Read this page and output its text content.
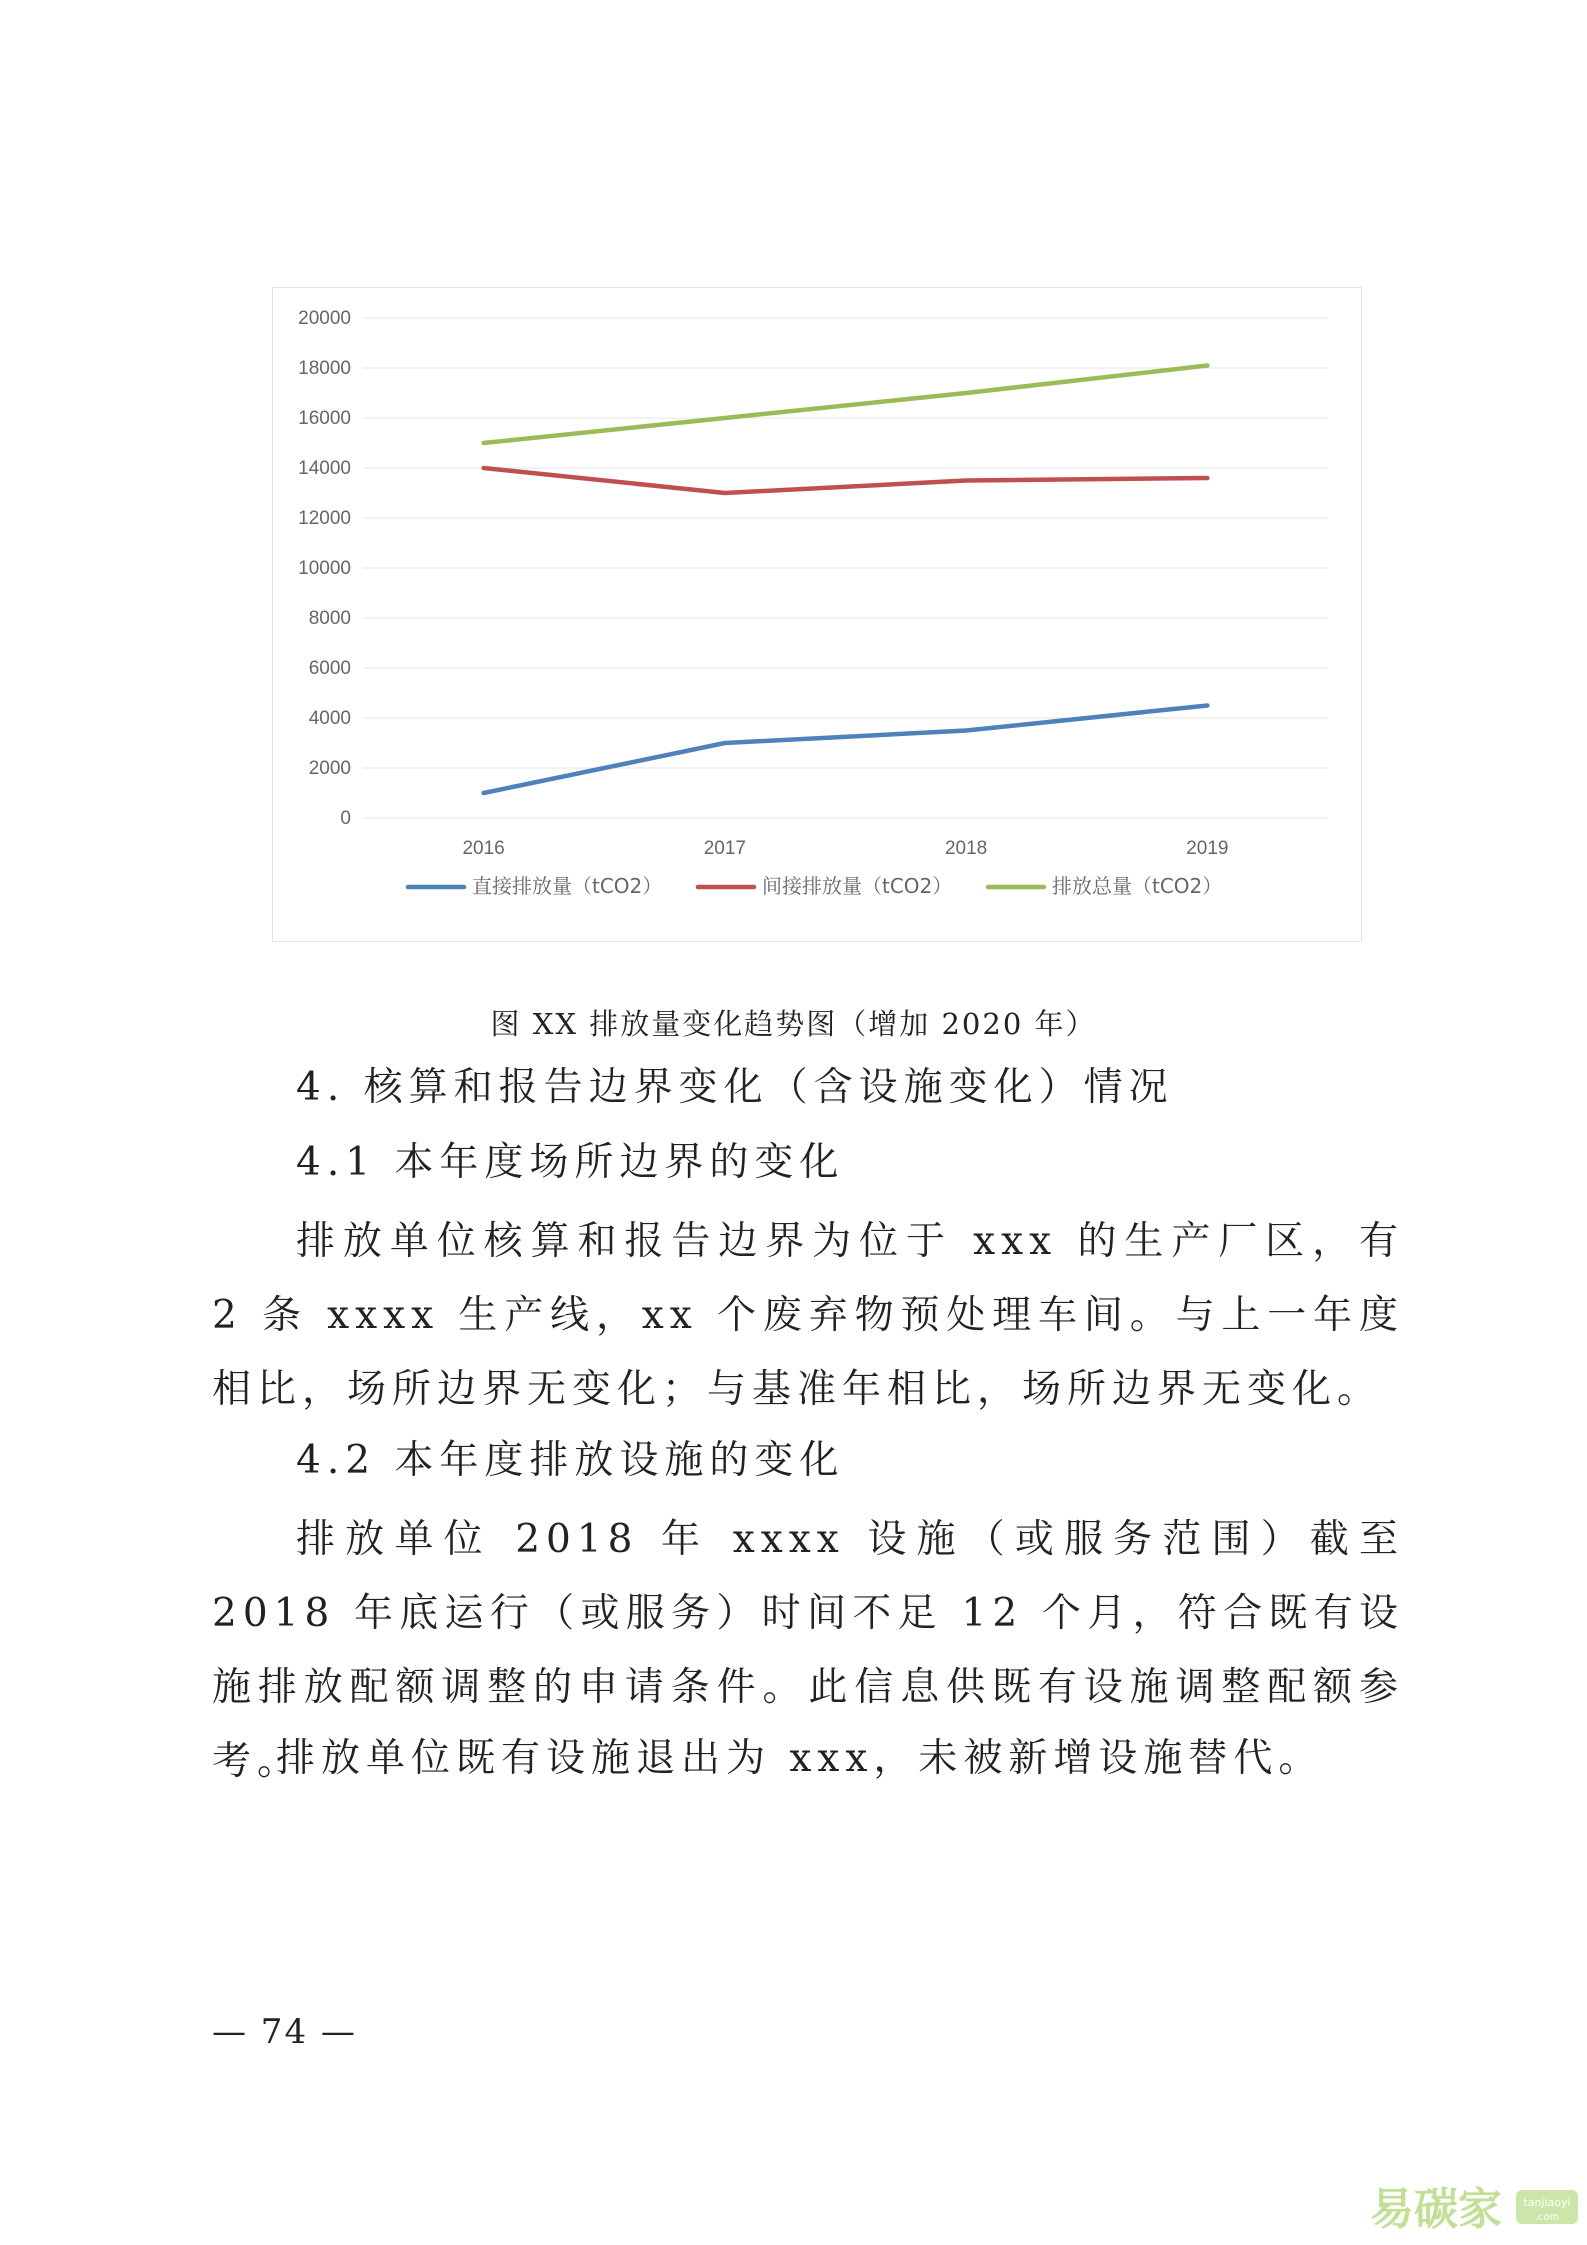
0
2000
4000
6000
8000
10000
12000
14000
16000
18000
20000
2016	2017	2018	2019
直接排放量（tCO2）	间接排放量（tCO2）	排放总量（tCO2）
图 XX 排放量变化趋势图（增加 2020 年）
4. 核算和报告边界变化（含设施变化）情况
4.1 本年度场所边界的变化
排放单位核算和报告边界为位于 xxx 的生产厂区，有 2 条 xxxx 生产线，xx 个废弃物预处理车间。与上一年度相比，场所边界无变化；与基准年相比，场所边界无变化。
4.2 本年度排放设施的变化
排放单位 2018 年 xxxx 设施（或服务范围）截至 2018 年底运行（或服务）时间不足 12 个月，符合既有设施排放配额调整的申请条件。此信息供既有设施调整配额参考。
排放单位既有设施退出为 xxx，未被新增设施替代。
— 74 —
易碳家 tanjiaoyi
.com
